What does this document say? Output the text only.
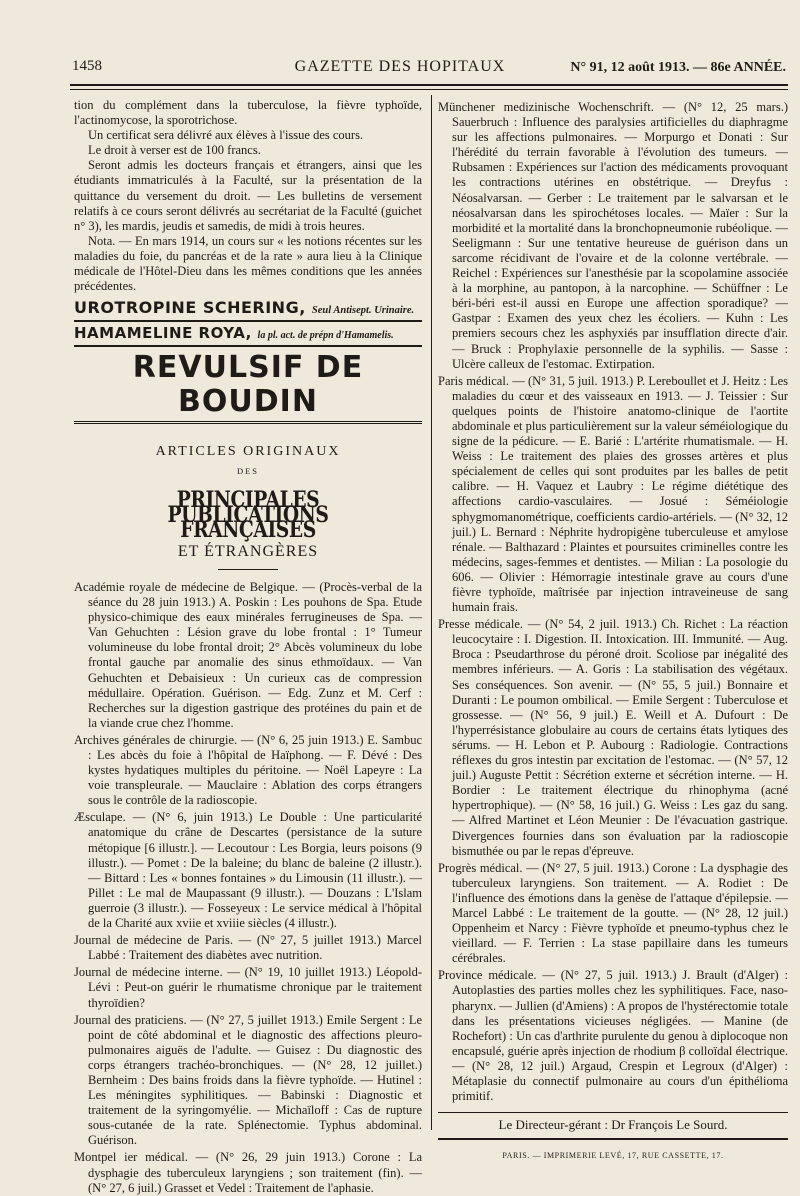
1458	GAZETTE DES HOPITAUX	N° 91, 12 août 1913. — 86e ANNÉE.

tion du complément dans la tuberculose, la fièvre typhoïde, l'actinomycose, la sporotrichose.

Un certificat sera délivré aux élèves à l'issue des cours.

Le droit à verser est de 100 francs.

Seront admis les docteurs français et étrangers, ainsi que les étudiants immatriculés à la Faculté, sur la présentation de la quittance du versement du droit. — Les bulletins de versement relatifs à ce cours seront délivrés au secrétariat de la Faculté (guichet n° 3), les mardis, jeudis et samedis, de midi à trois heures.

Nota. — En mars 1914, un cours sur « les notions récentes sur les maladies du foie, du pancréas et de la rate » aura lieu à la Clinique médicale de l'Hôtel-Dieu dans les mêmes conditions que les années précédentes.

UROTROPINE SCHERING, Seul Antisept. Urinaire.
HAMAMELINE ROYA, la pl. act. de prépn d'Hamamelis.
REVULSIF DE BOUDIN
ARTICLES ORIGINAUX
DES
PRINCIPALES PUBLICATIONS FRANÇAISES
ET ÉTRANGÈRES

Académie royale de médecine de Belgique. — (Procès-verbal de la séance du 28 juin 1913.) A. Poskin : Les pouhons de Spa. Etude physico-chimique des eaux minérales ferrugineuses de Spa. — Van Gehuchten : Lésion grave du lobe frontal : 1° Tumeur volumineuse du lobe frontal droit; 2° Abcès volumineux du lobe frontal gauche par anomalie des sinus ethmoïdaux. — Van Gehuchten et Debaisieux : Un curieux cas de compression médullaire. Opération. Guérison. — Edg. Zunz et M. Cerf : Recherches sur la digestion gastrique des protéines du pain et de la viande crue chez l'homme.

Archives générales de chirurgie. — (N° 6, 25 juin 1913.) E. Sambuc : Les abcès du foie à l'hôpital de Haïphong. — F. Dévé : Des kystes hydatiques multiples du péritoine. — Noël Lapeyre : La voie transpleurale. — Mauclaire : Ablation des corps étrangers sous le contrôle de la radioscopie.

Æsculape. — (N° 6, juin 1913.) Le Double : Une particularité anatomique du crâne de Descartes (persistance de la suture métopique [6 illustr.]. — Lecoutour : Les Borgia, leurs poisons (9 illustr.). — Pomet : De la baleine; du blanc de baleine (2 illustr.). — Bittard : Les « bonnes fontaines » du Limousin (11 illustr.). — Pillet : Le mal de Maupassant (9 illustr.). — Douzans : L'Islam guerroie (3 illustr.). — Fosseyeux : Le service médical à l'hôpital de la Charité aux xviie et xviiie siècles (4 illustr.).

Journal de médecine de Paris. — (N° 27, 5 juillet 1913.) Marcel Labbé : Traitement des diabètes avec nutrition.

Journal de médecine interne. — (N° 19, 10 juillet 1913.) Léopold-Lévi : Peut-on guérir le rhumatisme chronique par le traitement thyroïdien?

Journal des praticiens. — (N° 27, 5 juillet 1913.) Emile Sergent : Le point de côté abdominal et le diagnostic des affections pleuro-pulmonaires aiguës de l'adulte. — Guisez : Du diagnostic des corps étrangers trachéo-bronchiques. — (N° 28, 12 juillet.) Bernheim : Des bains froids dans la fièvre typhoïde. — Hutinel : Les méningites syphilitiques. — Babinski : Diagnostic et traitement de la syringomyélie. — Michaïloff : Cas de rupture sous-cutanée de la rate. Splénectomie. Typhus abdominal. Guérison.

Montpel ier médical. — (N° 26, 29 juin 1913.) Corone : La dysphagie des tuberculeux laryngiens ; son traitement (fin). — (N° 27, 6 juil.) Grasset et Vedel : Traitement de l'aphasie.

Münchener medizinische Wochenschrift. — (N° 12, 25 mars.) Sauerbruch : Influence des paralysies artificielles du diaphragme sur les affections pulmonaires. — Morpurgo et Donati : Sur l'hérédité du terrain favorable à l'évolution des tumeurs. — Rubsamen : Expériences sur l'action des médicaments provoquant les contractions utérines en obstétrique. — Dreyfus : Néosalvarsan. — Gerber : Le traitement par le salvarsan et le néosalvarsan dans les spirochétoses locales. — Maïer : Sur la morbidité et la mortalité dans la bronchopneumonie rubéolique. — Seeligmann : Sur une tentative heureuse de guérison dans un sarcome récidivant de l'ovaire et de la colonne vertébrale. — Reichel : Expériences sur l'anesthésie par la scopolamine associée à la morphine, au pantopon, à la narcophine. — Schüffner : Le béri-béri est-il aussi en Europe une affection sporadique? — Gastpar : Examen des yeux chez les écoliers. — Kuhn : Les premiers secours chez les asphyxiés par insufflation directe d'air. — Bruck : Prophylaxie personnelle de la syphilis. — Sasse : Ulcère calleux de l'estomac. Extirpation.

Paris médical. — (N° 31, 5 juil. 1913.) P. Lereboullet et J. Heitz : Les maladies du cœur et des vaisseaux en 1913. — J. Teissier : Sur quelques points de l'histoire anatomo-clinique de l'aortite abdominale et plus particulièrement sur la valeur séméiologique du signe de la pédicure. — E. Barié : L'artérite rhumatismale. — H. Weiss : Le traitement des plaies des grosses artères et plus spécialement de celles qui sont produites par les balles de petit calibre. — H. Vaquez et Laubry : Le régime diététique des affections cardio-vasculaires. — Josué : Séméiologie sphygmomanométrique, coefficients cardio-artériels. — (N° 32, 12 juil.) L. Bernard : Néphrite hydropigène tuberculeuse et amylose rénale. — Balthazard : Plaintes et poursuites criminelles contre les médecins, sages-femmes et dentistes. — Milian : La posologie du 606. — Olivier : Hémorragie intestinale grave au cours d'une fièvre typhoïde, maîtrisée par injection intraveineuse de sang humain frais.

Presse médicale. — (N° 54, 2 juil. 1913.) Ch. Richet : La réaction leucocytaire : I. Digestion. II. Intoxication. III. Immunité. — Aug. Broca : Pseudarthrose du péroné droit. Scoliose par inégalité des membres inférieurs. — A. Goris : La stabilisation des végétaux. Ses conséquences. Son avenir. — (N° 55, 5 juil.) Bonnaire et Duranti : Le poumon ombilical. — Emile Sergent : Tuberculose et grossesse. — (N° 56, 9 juil.) E. Weill et A. Dufourt : De l'hyperrésistance globulaire au cours de certains états lytiques des sérums. — H. Lebon et P. Aubourg : Radiologie. Contractions réflexes du gros intestin par excitation de l'estomac. — (N° 57, 12 juil.) Auguste Pettit : Sécrétion externe et sécrétion interne. — H. Bordier : Le traitement électrique du rhinophyma (acné hypertrophique). — (N° 58, 16 juil.) G. Weiss : Les gaz du sang. — Alfred Martinet et Léon Meunier : De l'évacuation gastrique. Divergences fournies dans son évaluation par la radioscopie bismuthée ou par le repas d'épreuve.

Progrès médical. — (N° 27, 5 juil. 1913.) Corone : La dysphagie des tuberculeux laryngiens. Son traitement. — A. Rodiet : De l'influence des émotions dans la genèse de l'attaque d'épilepsie. — Marcel Labbé : Le traitement de la goutte. — (N° 28, 12 juil.) Oppenheim et Narcy : Fièvre typhoïde et pneumo-typhus chez le vieillard. — F. Terrien : La stase papillaire dans les tumeurs cérébrales.

Province médicale. — (N° 27, 5 juil. 1913.) J. Brault (d'Alger) : Autoplasties des parties molles chez les syphilitiques. Face, naso-pharynx. — Jullien (d'Amiens) : A propos de l'hystérectomie totale dans les présentations vicieuses négligées. — Manine (de Rochefort) : Un cas d'arthrite purulente du genou à diplocoque non encapsulé, guérie après injection de rhodium β colloïdal électrique. — (N° 28, 12 juil.) Argaud, Crespin et Legroux (d'Alger) : Métaplasie du connectif pulmonaire au cours d'un épithélioma primitif.

Le Directeur-gérant : Dr François Le Sourd.
PARIS. — IMPRIMERIE LEVÉ, 17, RUE CASSETTE, 17.
